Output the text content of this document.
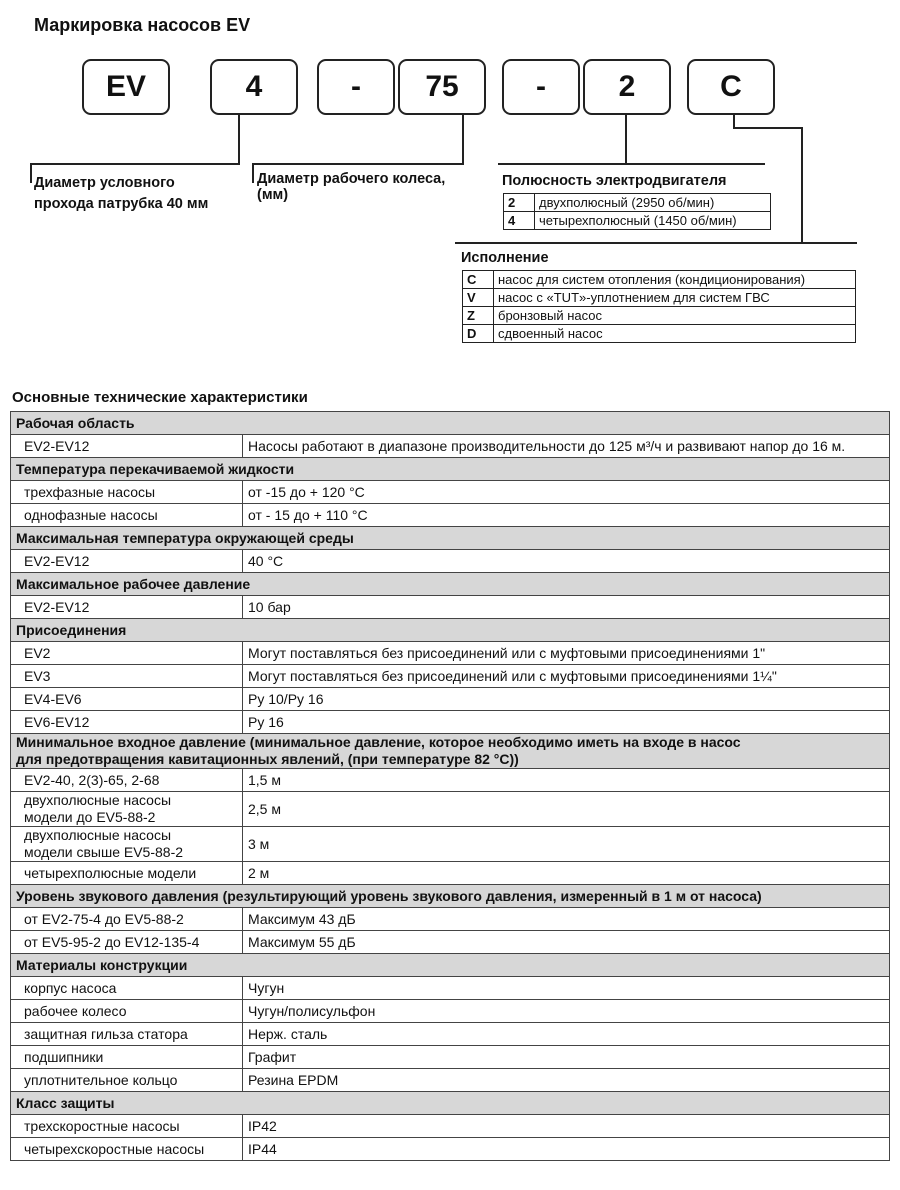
Маркировка насосов EV
EV	4	-	75	-	2	C
Диаметр условного
прохода патрубка 40 мм
Диаметр рабочего колеса,
(мм)
Полюсность электродвигателя
2	двухполюсный (2950 об/мин)
4	четырехполюсный (1450 об/мин)
Исполнение
C	насос для систем отопления (кондиционирования)
V	насос с «TUT»-уплотнением для систем ГВС
Z	бронзовый насос
D	сдвоенный насос
Основные технические характеристики
Рабочая область	

EV2-EV12	Насосы работают в диапазоне производительности до 125 м³/ч и развивают напор до 16 м.

Температура перекачиваемой жидкости	

трехфазные насосы	от -15 до + 120 °С

однофазные насосы	от - 15 до + 110 °С

Максимальная температура окружающей среды	

EV2-EV12	40 °С

Максимальное рабочее давление	

EV2-EV12	10 бар

Присоединения	

EV2	Могут поставляться без присоединений или с муфтовыми присоединениями 1"

EV3	Могут поставляться без присоединений или с муфтовыми присоединениями 1¼"

EV4-EV6	Py 10/Py 16

EV6-EV12	Py 16

Минимальное входное давление (минимальное давление, которое необходимо иметь на входе в насос
для предотвращения кавитационных явлений, (при температуре 82 °С))	

EV2-40, 2(3)-65, 2-68	1,5 м

двухполюсные насосы
модели до EV5-88-2	2,5 м

двухполюсные насосы
модели свыше EV5-88-2	3 м

четырехполюсные модели	2 м

Уровень звукового давления (результирующий уровень звукового давления, измеренный в 1 м от насоса)	

от EV2-75-4 до EV5-88-2	Максимум 43 дБ

от EV5-95-2 до EV12-135-4	Максимум 55 дБ

Материалы конструкции	

корпус насоса	Чугун

рабочее колесо	Чугун/полисульфон

защитная гильза статора	Нерж. сталь

подшипники	Графит

уплотнительное кольцо	Резина EPDM

Класс защиты	

трехскоростные насосы	IP42

четырехскоростные насосы	IP44
